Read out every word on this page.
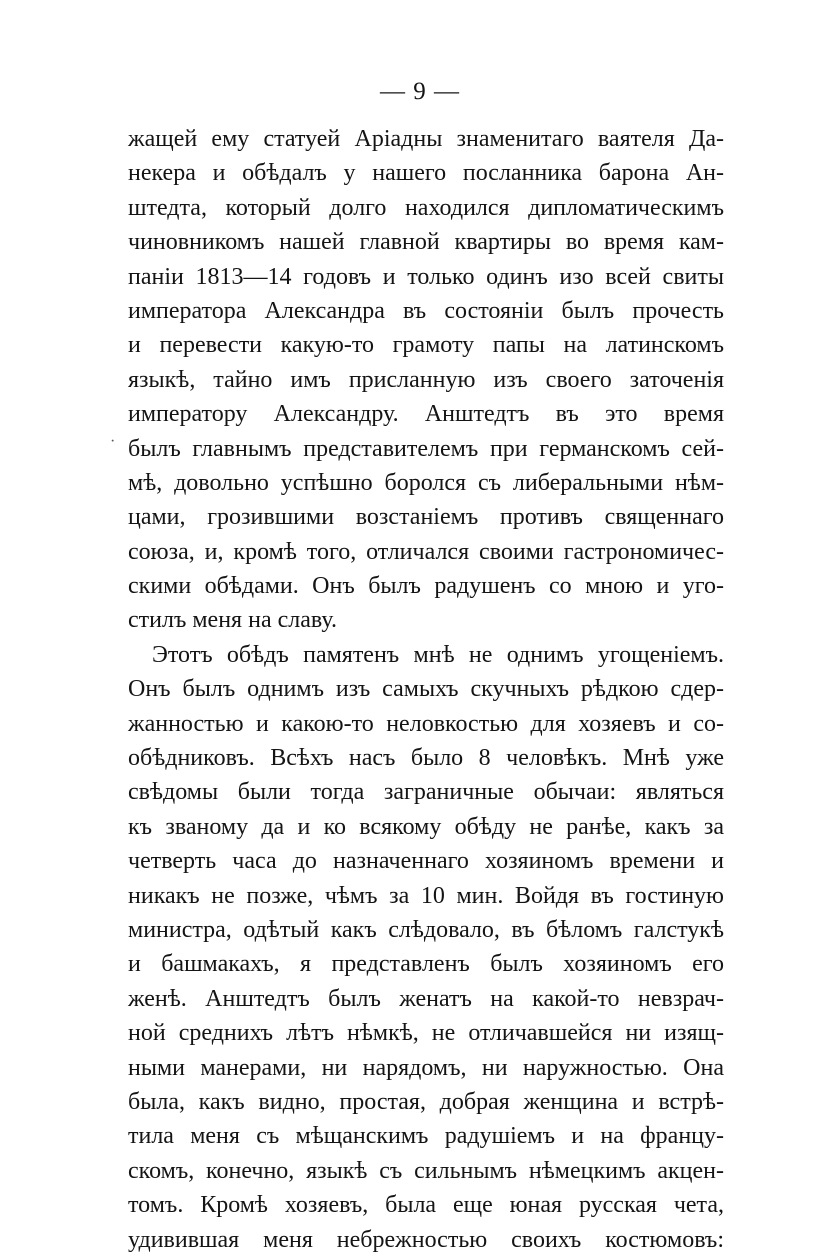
— 9 —
·
жащей ему статуей Аріадны знаменитаго ваятеля Да-
некера и обѣдалъ у нашего посланника барона Ан-
штедта, который долго находился дипломатическимъ
чиновникомъ нашей главной квартиры во время кам-
паніи 1813—14 годовъ и только одинъ изо всей свиты
императора Александра въ состояніи былъ прочесть
и перевести какую-то грамоту папы на латинскомъ
языкѣ, тайно имъ присланную изъ своего заточенія
императору Александру. Анштедтъ въ это время
былъ главнымъ представителемъ при германскомъ сей-
мѣ, довольно успѣшно боролся съ либеральными нѣм-
цами, грозившими возстаніемъ противъ священнаго
союза, и, кромѣ того, отличался своими гастрономичес-
скими обѣдами. Онъ былъ радушенъ со мною и уго-
стилъ меня на славу.
Этотъ обѣдъ памятенъ мнѣ не однимъ угощеніемъ.
Онъ былъ однимъ изъ самыхъ скучныхъ рѣдкою сдер-
жанностью и какою-то неловкостью для хозяевъ и со-
обѣдниковъ. Всѣхъ насъ было 8 человѣкъ. Мнѣ уже
свѣдомы были тогда заграничные обычаи: являться
къ званому да и ко всякому обѣду не ранѣе, какъ за
четверть часа до назначеннаго хозяиномъ времени и
никакъ не позже, чѣмъ за 10 мин. Войдя въ гостиную
министра, одѣтый какъ слѣдовало, въ бѣломъ галстукѣ
и башмакахъ, я представленъ былъ хозяиномъ его
женѣ. Анштедтъ былъ женатъ на какой-то невзрач-
ной среднихъ лѣтъ нѣмкѣ, не отличавшейся ни изящ-
ными манерами, ни нарядомъ, ни наружностью. Она
была, какъ видно, простая, добрая женщина и встрѣ-
тила меня съ мѣщанскимъ радушіемъ и на францу-
скомъ, конечно, языкѣ съ сильнымъ нѣмецкимъ акцен-
томъ. Кромѣ хозяевъ, была еще юная русская чета,
удивившая меня небрежностью своихъ костюмовъ:
